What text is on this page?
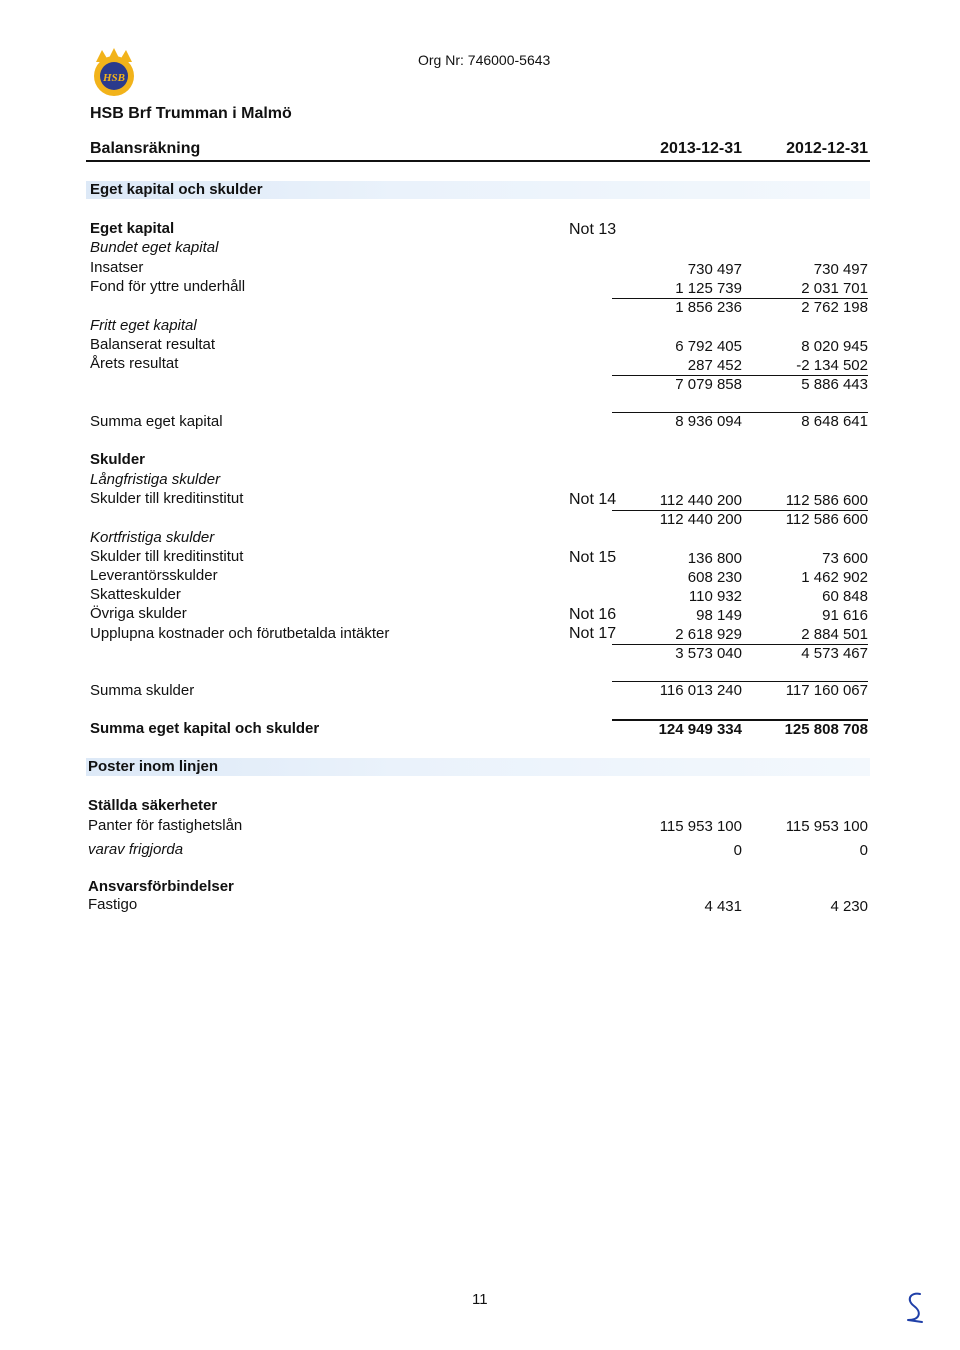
HSB
Org Nr: 746000-5643
HSB Brf Trumman i Malmö
Balansräkning	2013-12-31	2012-12-31
Eget kapital och skulder
Eget kapital	Not 13
Bundet eget kapital
Insatser	730 497	730 497
Fond för yttre underhåll	1 125 739	2 031 701
1 856 236	2 762 198
Fritt eget kapital
Balanserat resultat	6 792 405	8 020 945
Årets resultat	287 452	-2 134 502
7 079 858	5 886 443
Summa eget kapital	8 936 094	8 648 641
Skulder
Långfristiga skulder
Skulder till kreditinstitut	Not 14	112 440 200	112 586 600
112 440 200	112 586 600
Kortfristiga skulder
Skulder till kreditinstitut	Not 15	136 800	73 600
Leverantörsskulder	608 230	1 462 902
Skatteskulder	110 932	60 848
Övriga skulder	Not 16	98 149	91 616
Upplupna kostnader och förutbetalda intäkter	Not 17	2 618 929	2 884 501
3 573 040	4 573 467
Summa skulder	116 013 240	117 160 067
Summa eget kapital och skulder	124 949 334	125 808 708
Poster inom linjen
Ställda säkerheter
Panter för fastighetslån	115 953 100	115 953 100
varav frigjorda	0	0
Ansvarsförbindelser
Fastigo	4 431	4 230
11
